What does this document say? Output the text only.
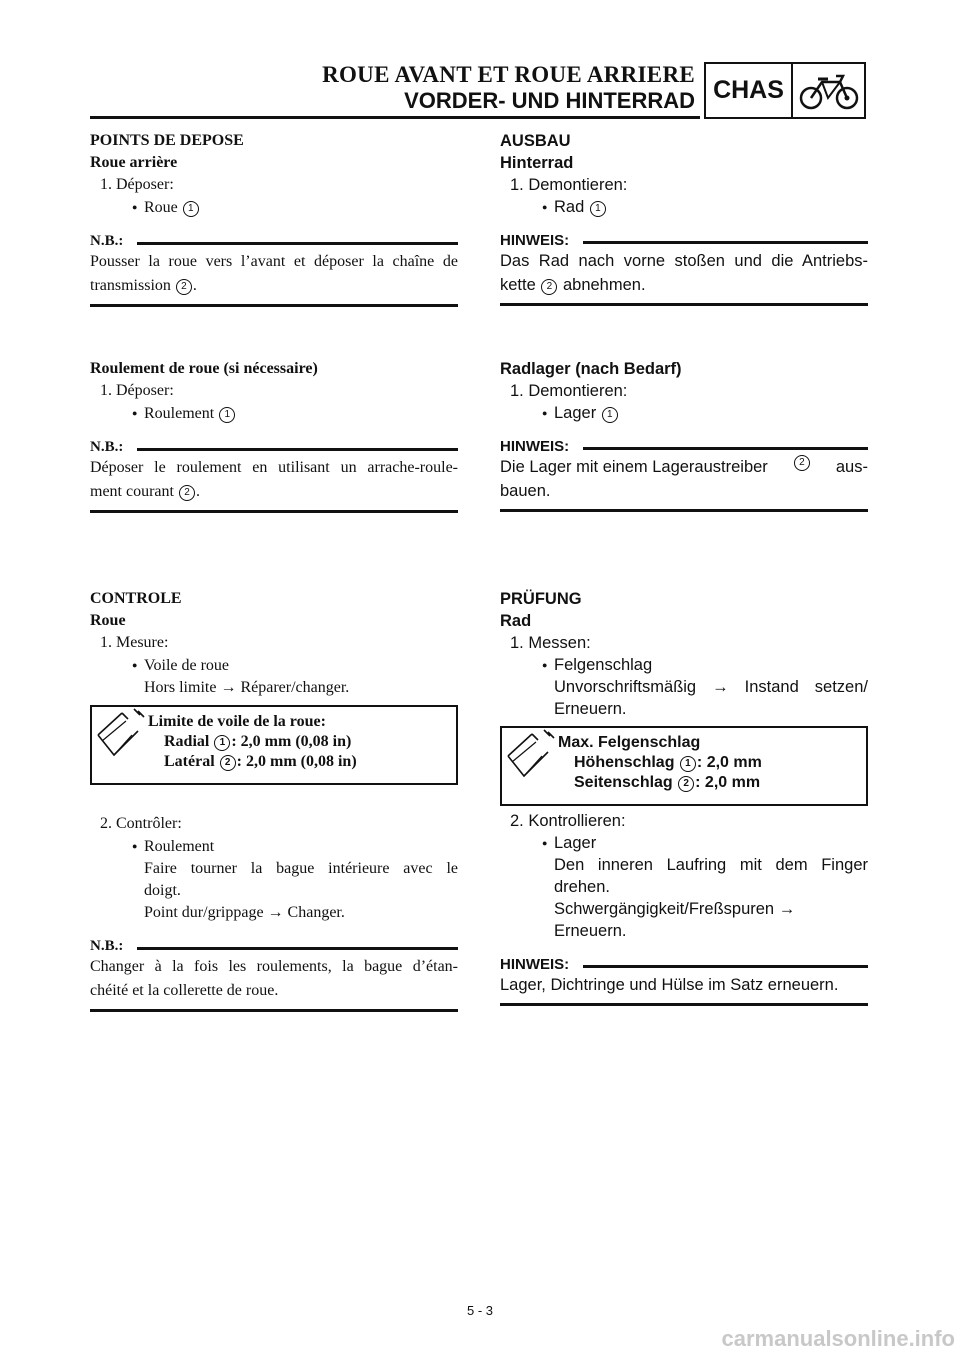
ROUE AVANT ET ROUE ARRIERE
VORDER- UND HINTERRAD CHAS
POINTS DE DEPOSE
Roue arrière
1. Déposer:
● Roue 1
N.B.:
Pousser la roue vers l’avant et déposer la chaîne de
transmission 2 .
Roulement de roue (si nécessaire)
1. Déposer:
● Roulement 1
N.B.:
Déposer le roulement en utilisant un arrache-roule-
ment courant 2 .
CONTROLE
Roue
1. Mesure:
● Voile de roue
Hors limite → Réparer/changer.
Limite de voile de la roue:
Radial 1 : 2,0 mm (0,08 in)
Latéral 2 : 2,0 mm (0,08 in)
2. Contrôler:
● Roulement
Faire tourner la bague intérieure avec le
doigt.
Point dur/grippage → Changer.
N.B.:
Changer à la fois les roulements, la bague d’étan-
chéité et la collerette de roue.
AUSBAU
Hinterrad
1. Demontieren:
● Rad 1
HINWEIS:
Das Rad nach vorne stoßen und die Antriebs-
kette 2 abnehmen.
Radlager (nach Bedarf)
1. Demontieren:
● Lager 1
HINWEIS:
Die Lager mit einem Lageraustreiber	2	aus-
bauen.
PRÜFUNG
Rad
1. Messen:
● Felgenschlag
Unvorschriftsmäßig → Instand setzen/
Erneuern.
Max. Felgenschlag
Höhenschlag 1 : 2,0 mm
Seitenschlag 2 : 2,0 mm
2. Kontrollieren:
● Lager
Den inneren Laufring mit dem Finger
drehen.
Schwergängigkeit/Freßspuren →
Erneuern.
HINWEIS:
Lager, Dichtringe und Hülse im Satz erneuern.
5 - 3
carmanualsonline.info
